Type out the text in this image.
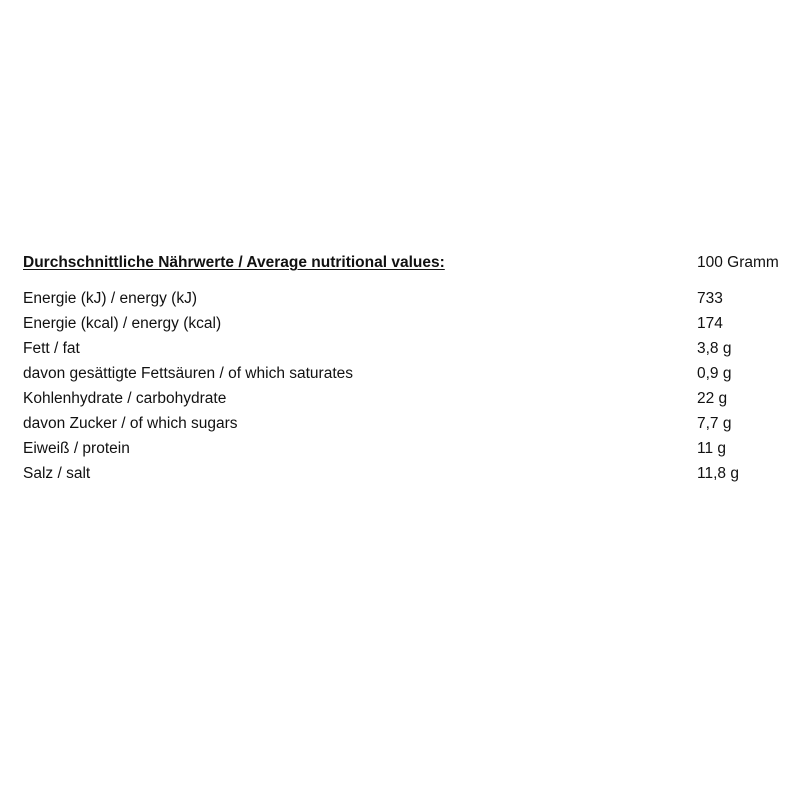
Durchschnittliche Nährwerte / Average nutritional values:	100 Gramm
Energie (kJ) / energy (kJ)	733
Energie (kcal) / energy (kcal)	174
Fett / fat	3,8 g
davon gesättigte Fettsäuren / of which saturates	0,9 g
Kohlenhydrate / carbohydrate	22 g
davon Zucker / of which sugars	7,7 g
Eiweiß / protein	11 g
Salz / salt	11,8 g
